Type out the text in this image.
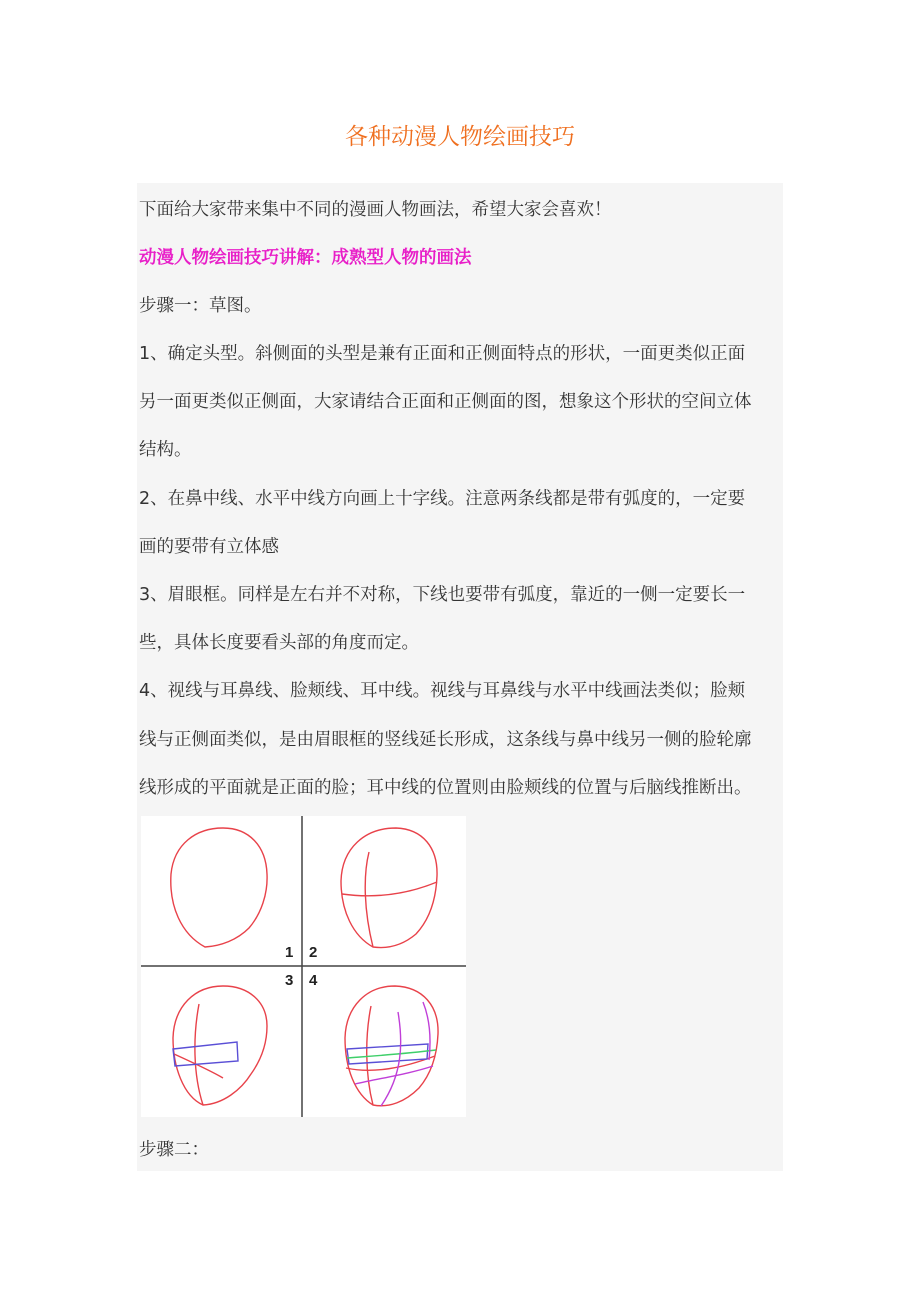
各种动漫人物绘画技巧

下面给大家带来集中不同的漫画人物画法，希望大家会喜欢！

动漫人物绘画技巧讲解：成熟型人物的画法

步骤一：草图。

1、确定头型。斜侧面的头型是兼有正面和正侧面特点的形状，一面更类似正面

另一面更类似正侧面，大家请结合正面和正侧面的图，想象这个形状的空间立体

结构。

2、在鼻中线、水平中线方向画上十字线。注意两条线都是带有弧度的，一定要

画的要带有立体感

3、眉眼框。同样是左右并不对称，下线也要带有弧度，靠近的一侧一定要长一

些，具体长度要看头部的角度而定。

4、视线与耳鼻线、脸颊线、耳中线。视线与耳鼻线与水平中线画法类似；脸颊

线与正侧面类似，是由眉眼框的竖线延长形成，这条线与鼻中线另一侧的脸轮廓

线形成的平面就是正面的脸；耳中线的位置则由脸颊线的位置与后脑线推断出。

1 2
3 4

步骤二：
